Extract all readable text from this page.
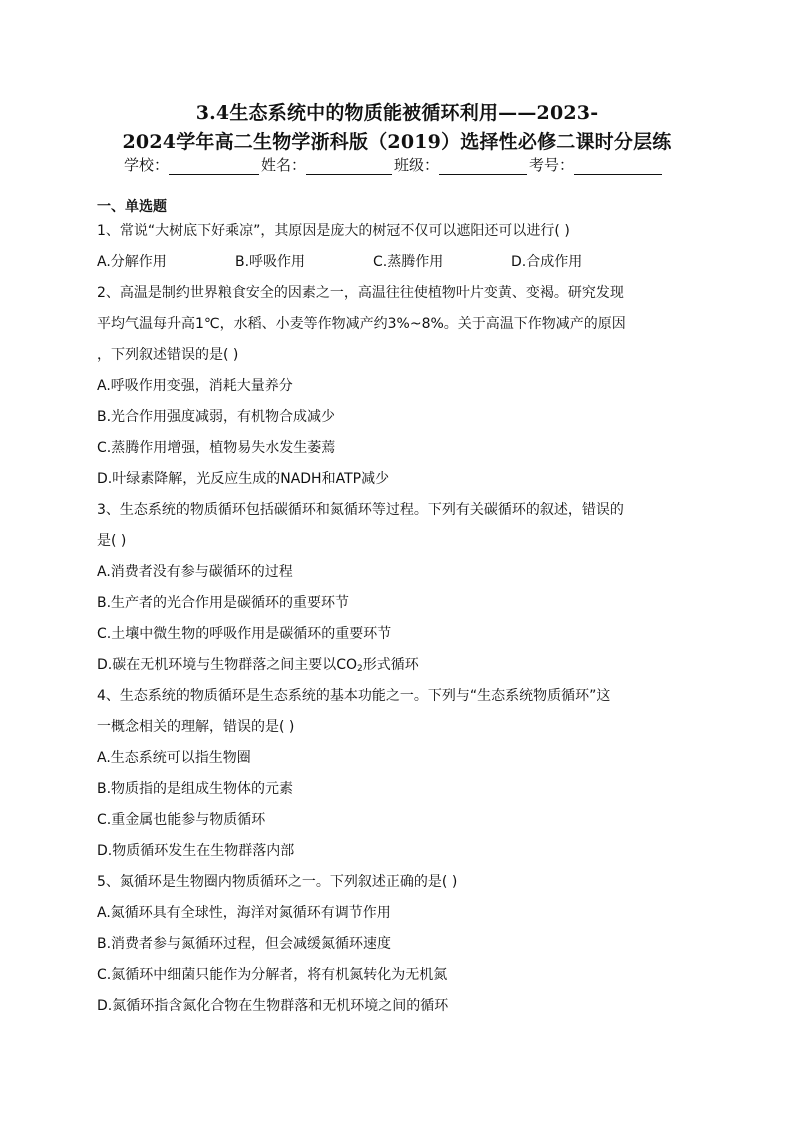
3.4生态系统中的物质能被循环利用——2023-
2024学年高二生物学浙科版（2019）选择性必修二课时分层练
学校：	姓名：	班级：	考号：
一、单选题
1、常说“大树底下好乘凉”，其原因是庞大的树冠不仅可以遮阳还可以进行( )
A.分解作用	B.呼吸作用	C.蒸腾作用	D.合成作用
2、高温是制约世界粮食安全的因素之一，高温往往使植物叶片变黄、变褐。研究发现
平均气温每升高1℃，水稻、小麦等作物减产约3%~8%。关于高温下作物减产的原因
，下列叙述错误的是( )
A.呼吸作用变强，消耗大量养分
B.光合作用强度减弱，有机物合成减少
C.蒸腾作用增强，植物易失水发生萎蔫
D.叶绿素降解，光反应生成的NADH和ATP减少
3、生态系统的物质循环包括碳循环和氮循环等过程。下列有关碳循环的叙述，错误的
是( )
A.消费者没有参与碳循环的过程
B.生产者的光合作用是碳循环的重要环节
C.土壤中微生物的呼吸作用是碳循环的重要环节
D.碳在无机环境与生物群落之间主要以$CO_2$形式循环
4、生态系统的物质循环是生态系统的基本功能之一。下列与“生态系统物质循环”这
一概念相关的理解，错误的是( )
A.生态系统可以指生物圈
B.物质指的是组成生物体的元素
C.重金属也能参与物质循环
D.物质循环发生在生物群落内部
5、氮循环是生物圈内物质循环之一。下列叙述正确的是( )
A.氮循环具有全球性，海洋对氮循环有调节作用
B.消费者参与氮循环过程，但会减缓氮循环速度
C.氮循环中细菌只能作为分解者，将有机氮转化为无机氮
D.氮循环指含氮化合物在生物群落和无机环境之间的循环
